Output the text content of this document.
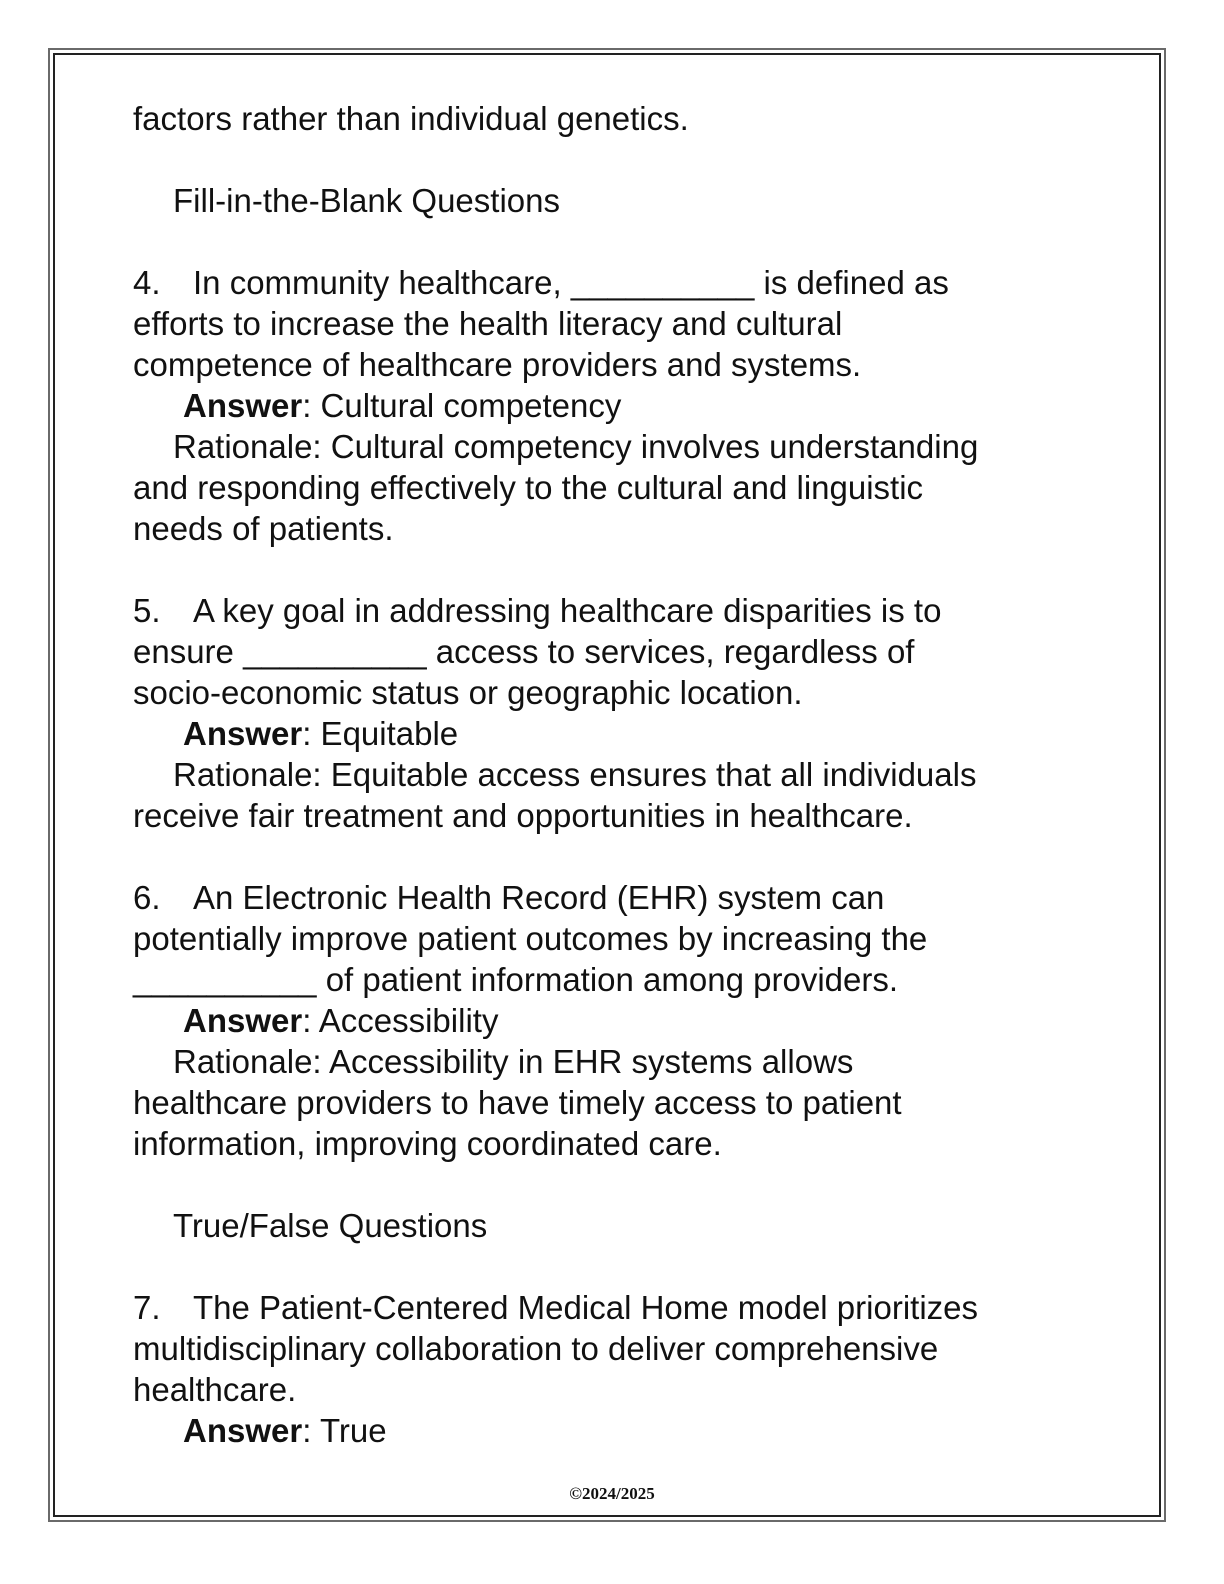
factors rather than individual genetics.
Fill-in-the-Blank Questions
4. In community healthcare, __________ is defined as
efforts to increase the health literacy and cultural
competence of healthcare providers and systems.
Answer: Cultural competency
Rationale: Cultural competency involves understanding
and responding effectively to the cultural and linguistic
needs of patients.
5. A key goal in addressing healthcare disparities is to
ensure __________ access to services, regardless of
socio-economic status or geographic location.
Answer: Equitable
Rationale: Equitable access ensures that all individuals
receive fair treatment and opportunities in healthcare.
6. An Electronic Health Record (EHR) system can
potentially improve patient outcomes by increasing the
__________ of patient information among providers.
Answer: Accessibility
Rationale: Accessibility in EHR systems allows
healthcare providers to have timely access to patient
information, improving coordinated care.
True/False Questions
7. The Patient-Centered Medical Home model prioritizes
multidisciplinary collaboration to deliver comprehensive
healthcare.
Answer: True
©2024/2025
